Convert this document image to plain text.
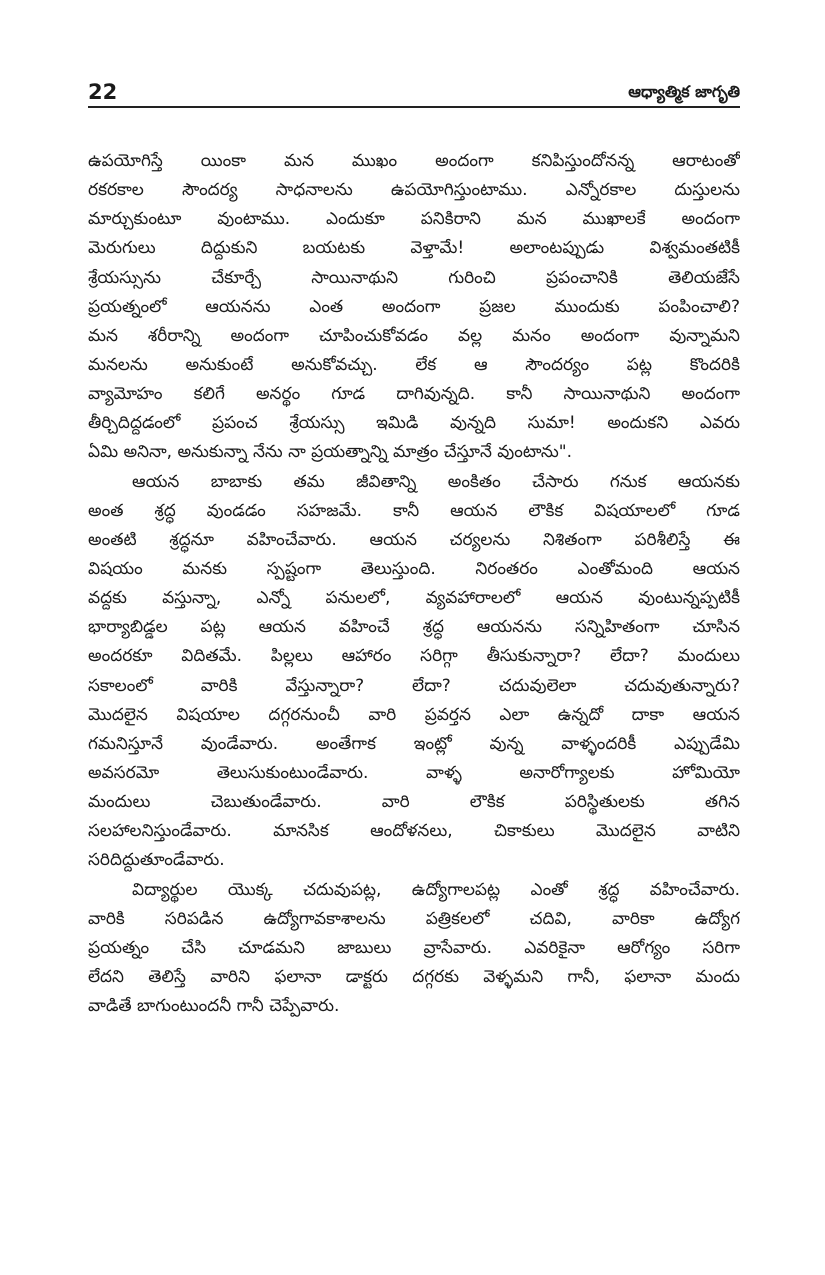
22	ఆధ్యాత్మిక జాగృతి
ఉపయోగిస్తే యింకా మన ముఖం అందంగా కనిపిస్తుందోనన్న ఆరాటంతో
రకరకాల సౌందర్య సాధనాలను ఉపయోగిస్తుంటాము. ఎన్నోరకాల దుస్తులను
మార్చుకుంటూ వుంటాము. ఎందుకూ పనికిరాని మన ముఖాలకే అందంగా
మెరుగులు దిద్దుకుని బయటకు వెళ్తామే! అలాంటప్పుడు విశ్వమంతటికీ
శ్రేయస్సును చేకూర్చే సాయినాథుని గురించి ప్రపంచానికి తెలియజేసే
ప్రయత్నంలో ఆయనను ఎంత అందంగా ప్రజల ముందుకు పంపించాలి?
మన శరీరాన్ని అందంగా చూపించుకోవడం వల్ల మనం అందంగా వున్నామని
మనలను అనుకుంటే అనుకోవచ్చు. లేక ఆ సౌందర్యం పట్ల కొందరికి
వ్యామోహం కలిగే అనర్థం గూడ దాగివున్నది. కానీ సాయినాథుని అందంగా
తీర్చిదిద్దడంలో ప్రపంచ శ్రేయస్సు ఇమిడి వున్నది సుమా! అందుకని ఎవరు
ఏమి అనినా, అనుకున్నా నేను నా ప్రయత్నాన్ని మాత్రం చేస్తూనే వుంటాను".
ఆయన బాబాకు తమ జీవితాన్ని అంకితం చేసారు గనుక ఆయనకు
అంత శ్రద్ధ వుండడం సహజమే. కానీ ఆయన లౌకిక విషయాలలో గూడ
అంతటి శ్రద్ధనూ వహించేవారు. ఆయన చర్యలను నిశితంగా పరిశీలిస్తే ఈ
విషయం మనకు స్పష్టంగా తెలుస్తుంది. నిరంతరం ఎంతోమంది ఆయన
వద్దకు వస్తున్నా, ఎన్నో పనులలో, వ్యవహారాలలో ఆయన వుంటున్నప్పటికీ
భార్యాబిడ్డల పట్ల ఆయన వహించే శ్రద్ధ ఆయనను సన్నిహితంగా చూసిన
అందరకూ విదితమే. పిల్లలు ఆహారం సరిగ్గా తీసుకున్నారా? లేదా? మందులు
సకాలంలో వారికి వేస్తున్నారా? లేదా? చదువులెలా చదువుతున్నారు?
మొదలైన విషయాల దగ్గరనుంచీ వారి ప్రవర్తన ఎలా ఉన్నదో దాకా ఆయన
గమనిస్తూనే వుండేవారు. అంతేగాక ఇంట్లో వున్న వాళ్ళందరికీ ఎప్పుడేమి
అవసరమో తెలుసుకుంటుండేవారు. వాళ్ళ అనారోగ్యాలకు హోమియో
మందులు చెబుతుండేవారు. వారి లౌకిక పరిస్థితులకు తగిన
సలహాలనిస్తుండేవారు. మానసిక ఆందోళనలు, చికాకులు మొదలైన వాటిని
సరిదిద్దుతూండేవారు.
విద్యార్థుల యొక్క చదువుపట్ల, ఉద్యోగాలపట్ల ఎంతో శ్రద్ధ వహించేవారు.
వారికి సరిపడిన ఉద్యోగావకాశాలను పత్రికలలో చదివి, వారికా ఉద్యోగ
ప్రయత్నం చేసి చూడమని జాబులు వ్రాసేవారు. ఎవరికైనా ఆరోగ్యం సరిగా
లేదని తెలిస్తే వారిని ఫలానా డాక్టరు దగ్గరకు వెళ్ళమని గానీ, ఫలానా మందు
వాడితే బాగుంటుందనీ గానీ చెప్పేవారు.
